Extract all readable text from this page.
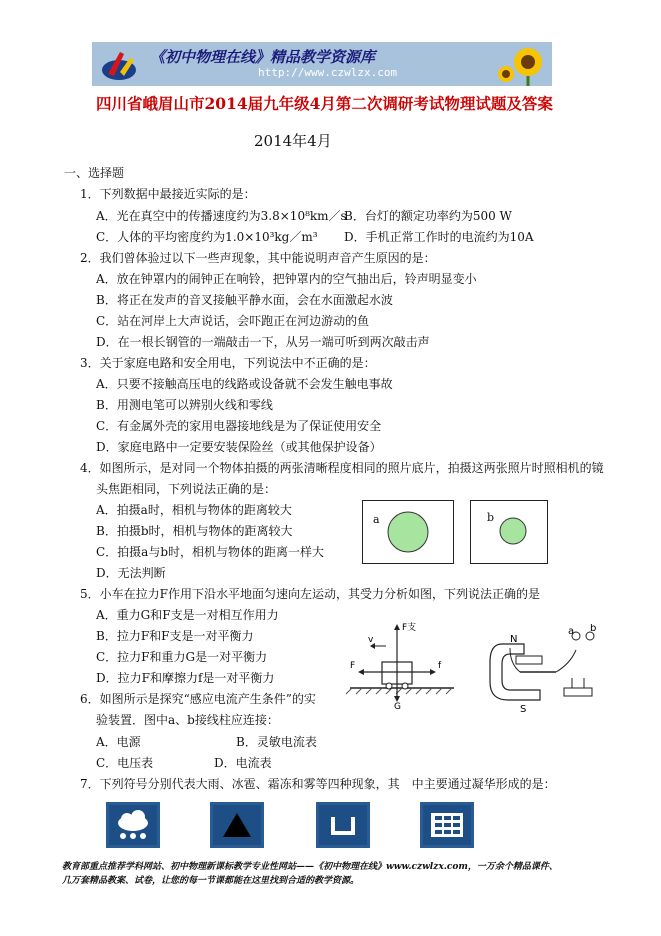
《初中物理在线》精品教学资源库
http://www.czwlzx.com
四川省峨眉山市2014届九年级4月第二次调研考试物理试题及答案
2014年4月
一、选择题
1．下列数据中最接近实际的是：
A．光在真空中的传播速度约为3.8×10⁸km／s
B．台灯的额定功率约为500 W
C．人体的平均密度约为1.0×10³kg／m³ D．手机正常工作时的电流约为10A
2．我们曾体验过以下一些声现象，其中能说明声音产生原因的是：
A．放在钟罩内的闹钟正在响铃，把钟罩内的空气抽出后，铃声明显变小
B．将正在发声的音叉接触平静水面，会在水面激起水波
C．站在河岸上大声说话，会吓跑正在河边游动的鱼
D．在一根长钢管的一端敲击一下，从另一端可听到两次敲击声
3．关于家庭电路和安全用电，下列说法中不正确的是：
A．只要不接触高压电的线路或设备就不会发生触电事故
B．用测电笔可以辨别火线和零线
C．有金属外壳的家用电器接地线是为了保证使用安全
D．家庭电路中一定要安装保险丝（或其他保护设备）
4．如图所示，是对同一个物体拍摄的两张清晰程度相同的照片底片，拍摄这两张照片时照相机的镜
头焦距相同，下列说法正确的是：
A．拍摄a时，相机与物体的距离较大
B．拍摄b时，相机与物体的距离较大
C．拍摄a与b时，相机与物体的距离一样大
D．无法判断
a	b
5．小车在拉力F作用下沿水平地面匀速向左运动，其受力分析如图，下列说法正确的是
A．重力G和F支是一对相互作用力
B．拉力F和F支是一对平衡力
C．拉力F和重力G是一对平衡力
D．拉力F和摩擦力f是一对平衡力
F支
v
F	f
G
a b
N
S
6．如图所示是探究“感应电流产生条件”的实
验装置．图中a、b接线柱应连接：
A．电源	B．灵敏电流表
C．电压表	D．电流表
7．下列符号分别代表大雨、冰雹、霜冻和雾等四种现象，其　中主要通过凝华形成的是：
教育部重点推荐学科网站、初中物理新课标教学专业性网站——《初中物理在线》www.czwlzx.com，一万余个精品课件、
几万套精品教案、试卷，让您的每一节课都能在这里找到合适的教学资源。
